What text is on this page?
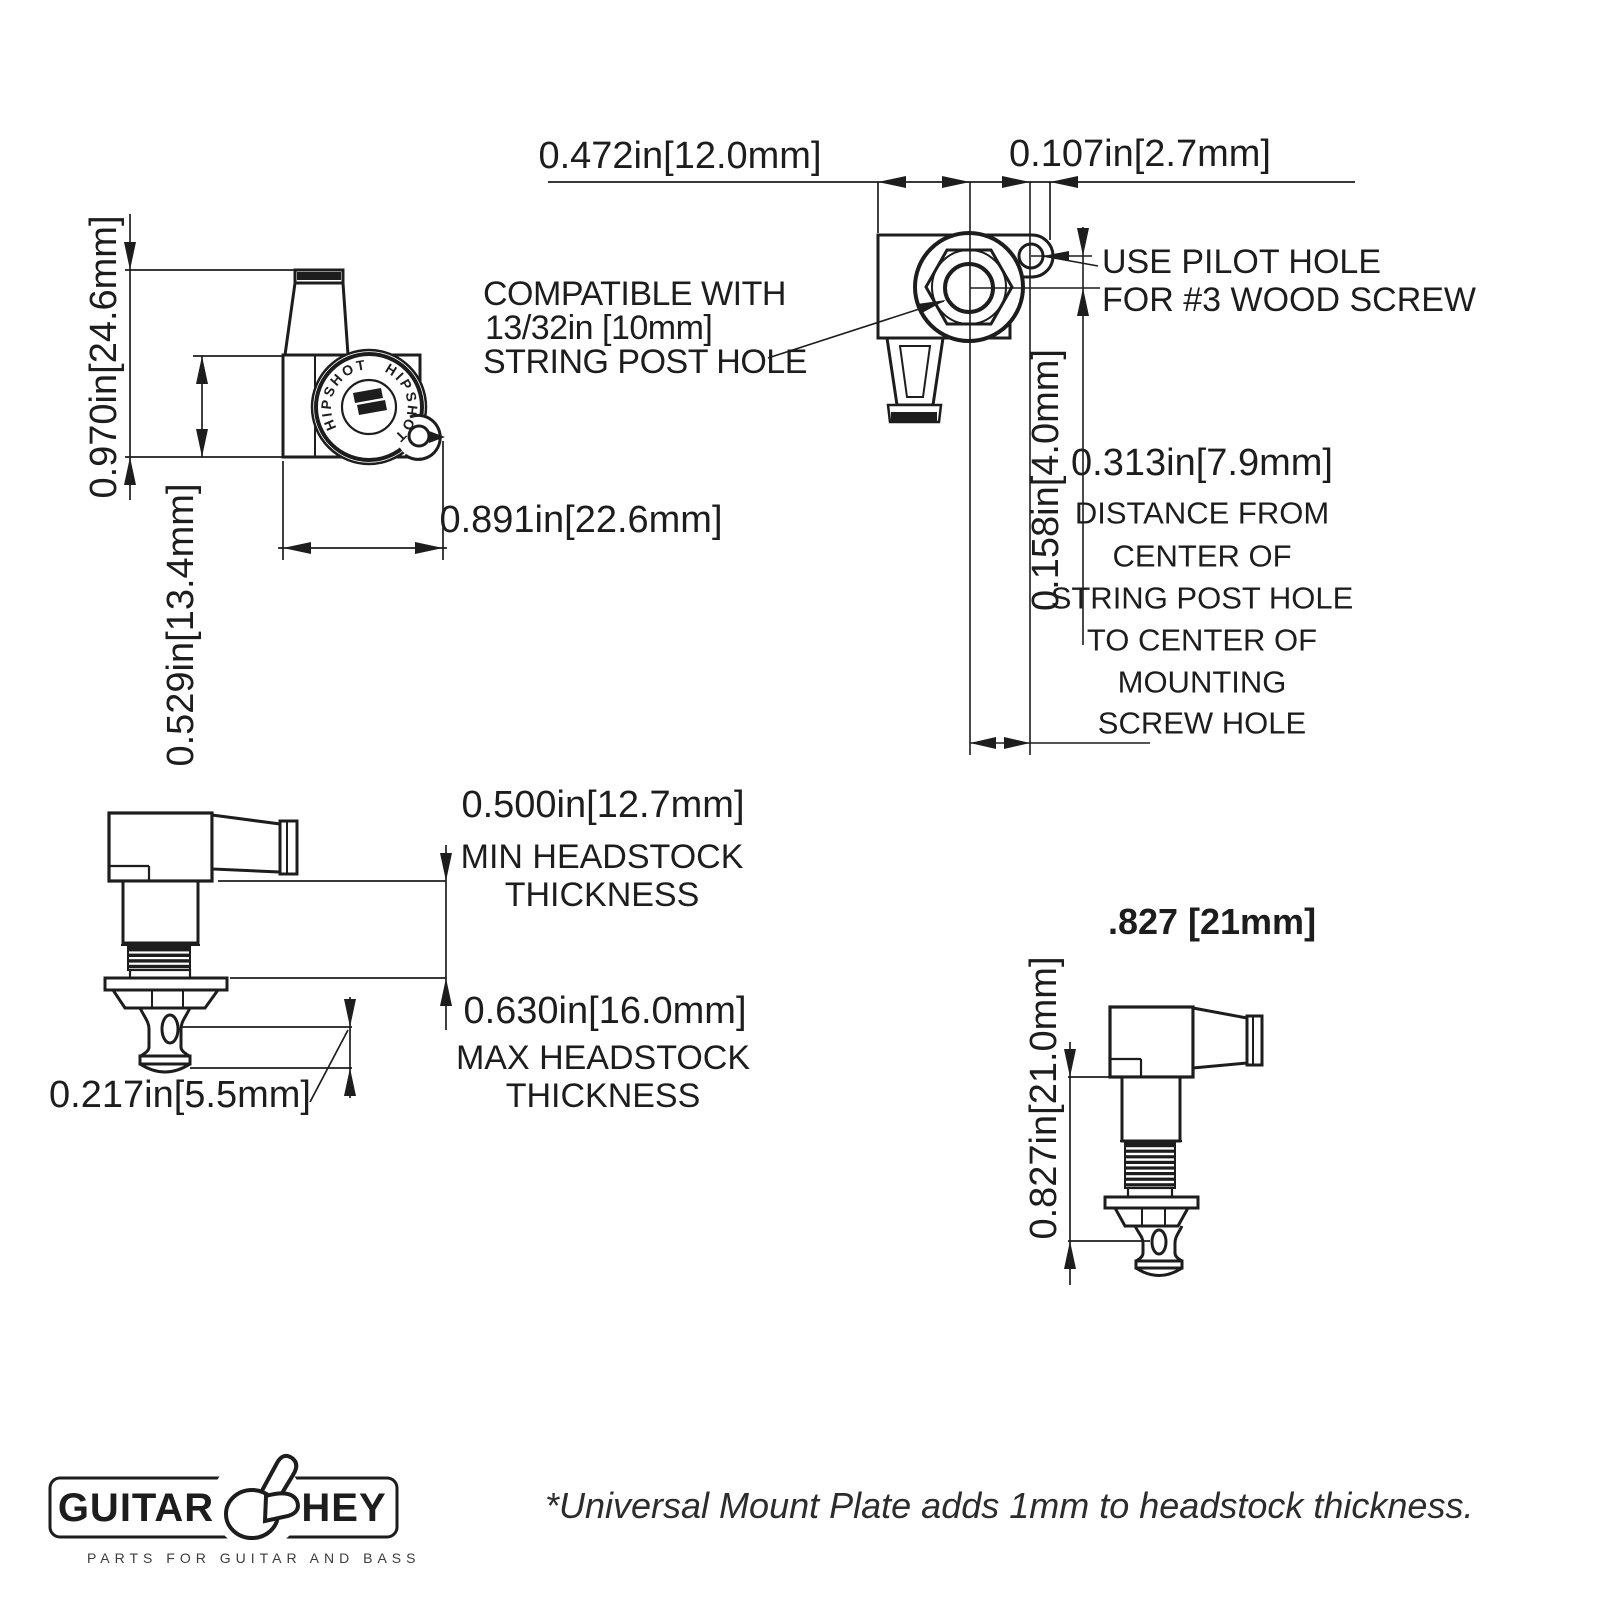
HIPSHOT HIPSHOT
0.970in[24.6mm]
0.529in[13.4mm]	0.891in[22.6mm]
0.472in[12.0mm]	0.107in[2.7mm]
COMPATIBLE WITH
13/32in [10mm]
STRING POST HOLE
USE PILOT HOLE
FOR #3 WOOD SCREW
0.158in[4.0mm] 0.313in[7.9mm]
DISTANCE FROM
CENTER OF
STRING POST HOLE
TO CENTER OF
MOUNTING
SCREW HOLE
0.500in[12.7mm]
MIN HEADSTOCK
THICKNESS
0.630in[16.0mm]
MAX HEADSTOCK
THICKNESS
0.217in[5.5mm]
.827 [21mm]
0.827in[21.0mm]
GUITAR HEY
PARTS FOR GUITAR AND BASS
*Universal Mount Plate adds 1mm to headstock thickness.
